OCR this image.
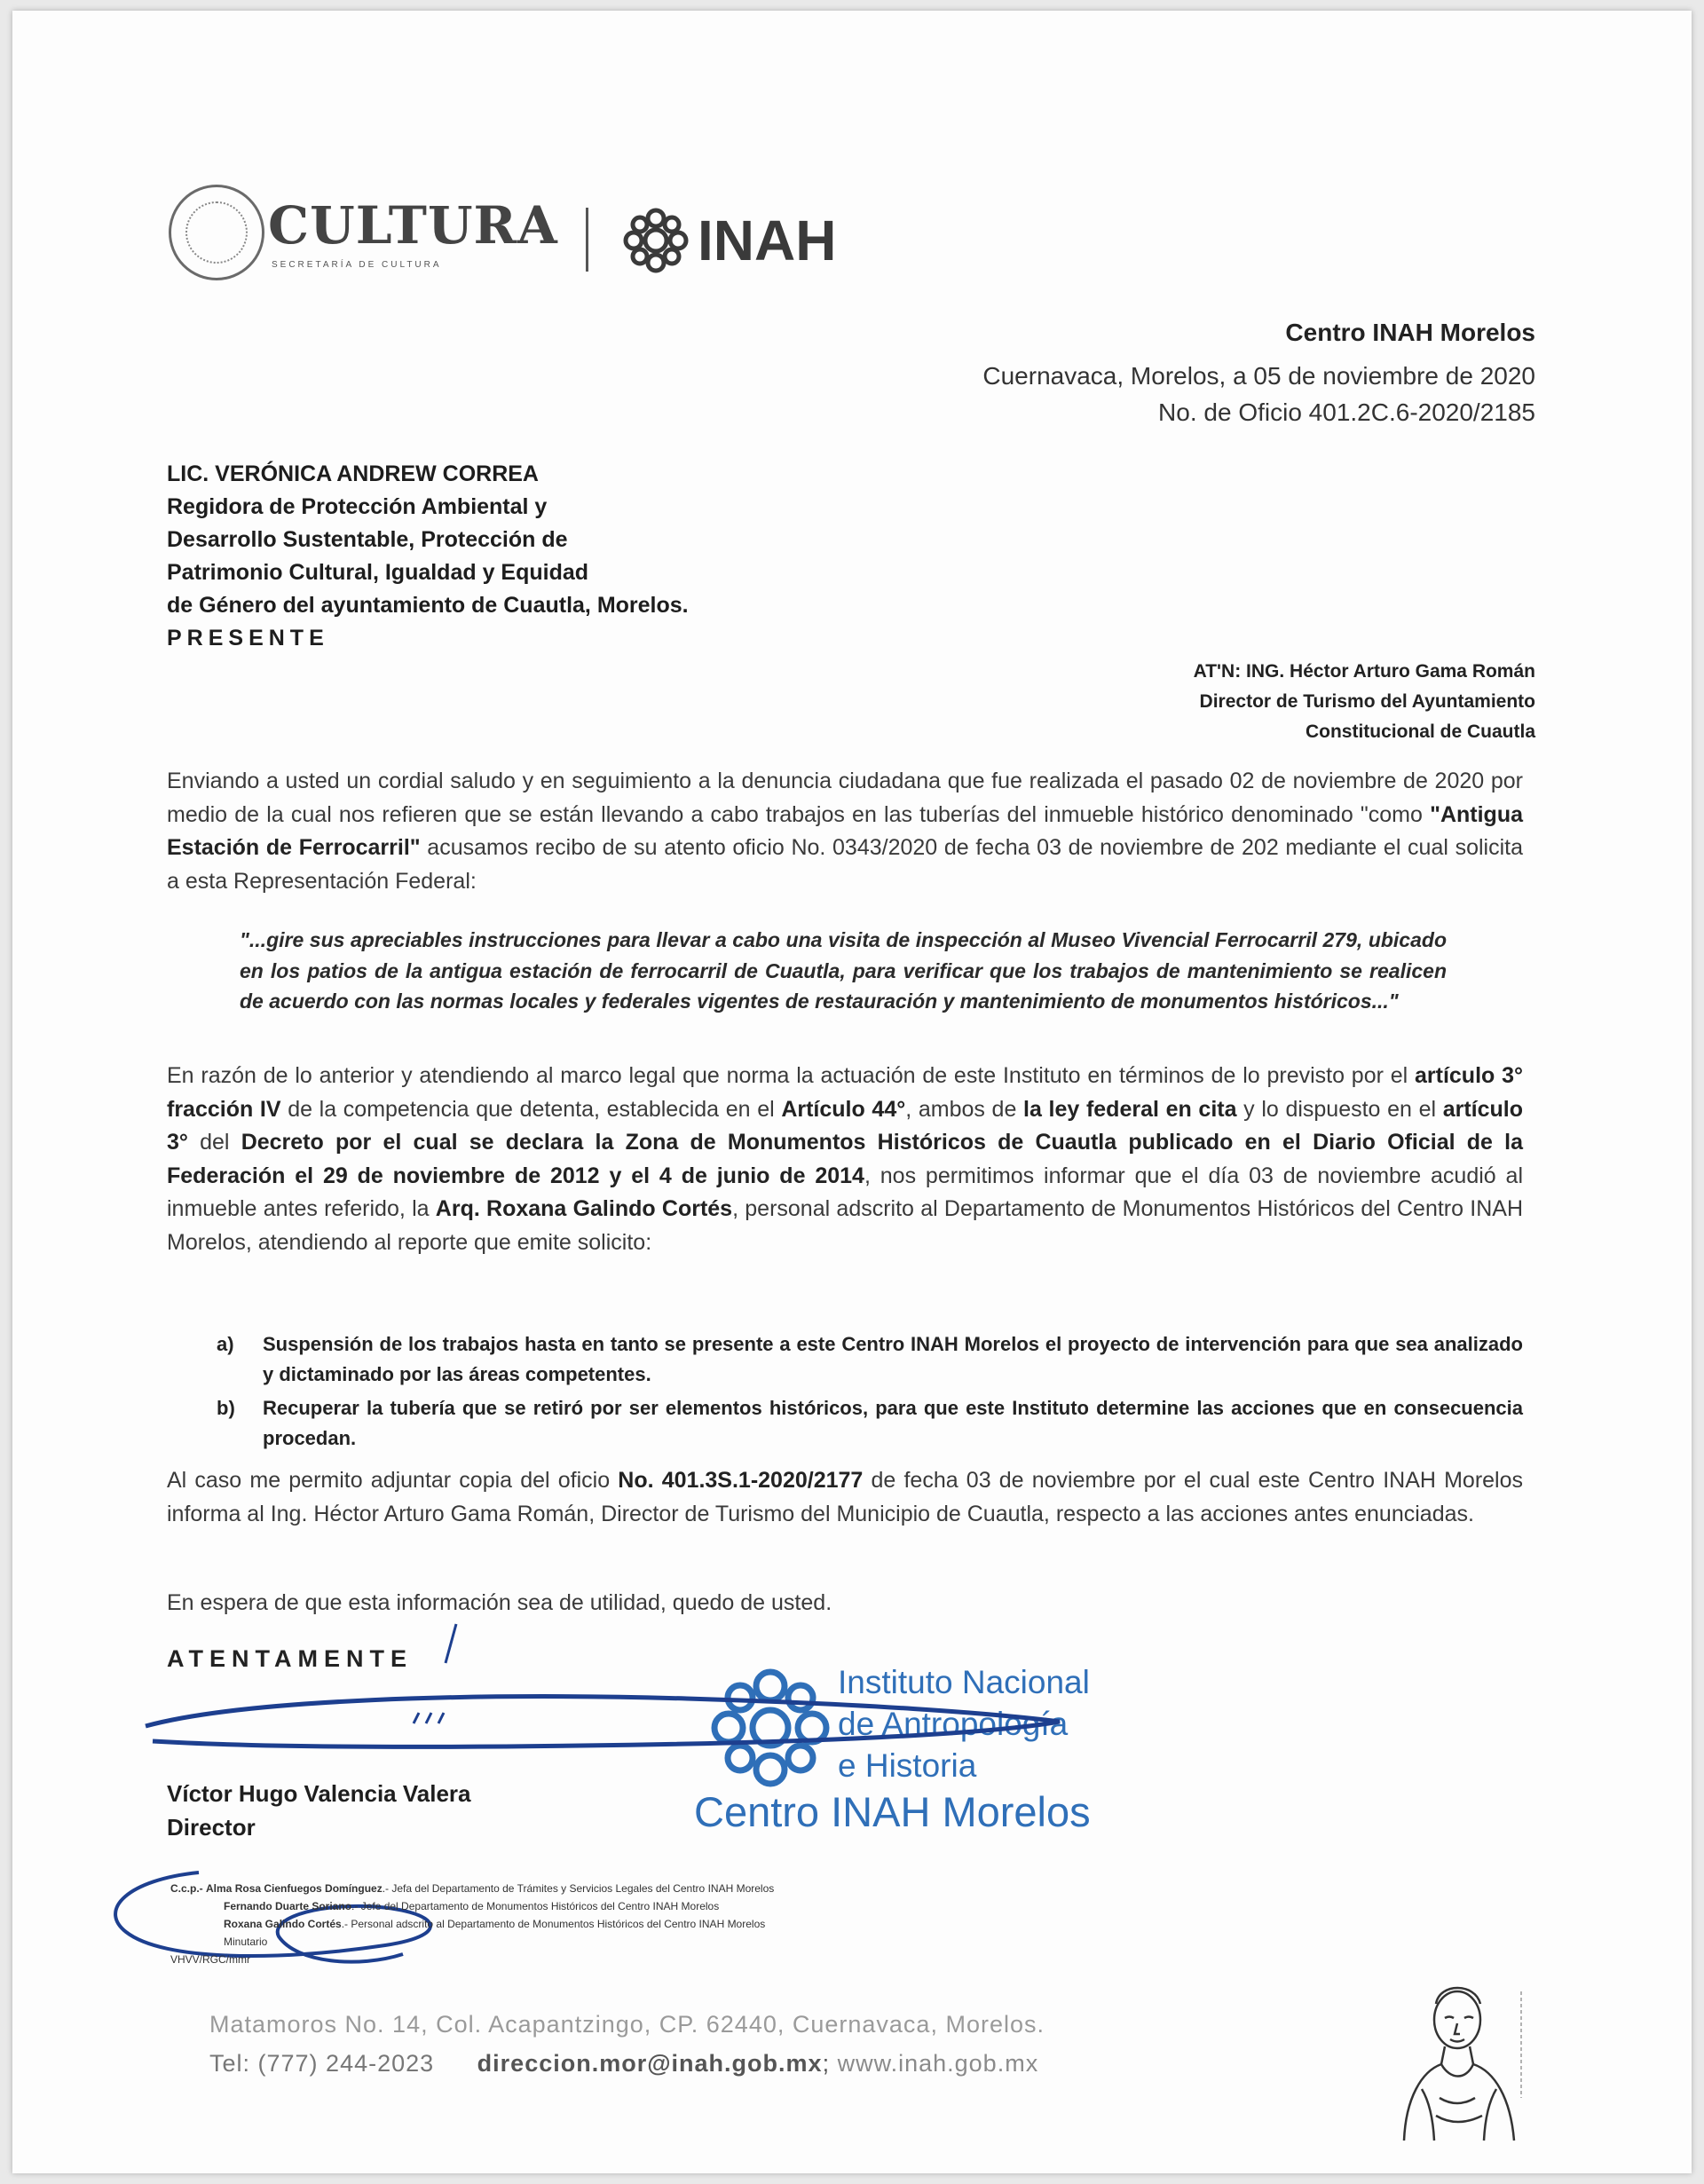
CULTURA
SECRETARÍA DE CULTURA	INAH
Centro INAH Morelos
Cuernavaca, Morelos, a 05 de noviembre de 2020
No. de Oficio 401.2C.6-2020/2185
LIC. VERÓNICA ANDREW CORREA
Regidora de Protección Ambiental y
Desarrollo Sustentable, Protección de
Patrimonio Cultural, Igualdad y Equidad
de Género del ayuntamiento de Cuautla, Morelos.
PRESENTE
AT'N: ING. Héctor Arturo Gama Román
Director de Turismo del Ayuntamiento
Constitucional de Cuautla
Enviando a usted un cordial saludo y en seguimiento a la denuncia ciudadana que fue realizada el pasado 02 de noviembre de 2020 por medio de la cual nos refieren que se están llevando a cabo trabajos en las tuberías del inmueble histórico denominado "como "Antigua Estación de Ferrocarril" acusamos recibo de su atento oficio No. 0343/2020 de fecha 03 de noviembre de 202 mediante el cual solicita a esta Representación Federal:
"...gire sus apreciables instrucciones para llevar a cabo una visita de inspección al Museo Vivencial Ferrocarril 279, ubicado en los patios de la antigua estación de ferrocarril de Cuautla, para verificar que los trabajos de mantenimiento se realicen de acuerdo con las normas locales y federales vigentes de restauración y mantenimiento de monumentos históricos..."
En razón de lo anterior y atendiendo al marco legal que norma la actuación de este Instituto en términos de lo previsto por el artículo 3° fracción IV de la competencia que detenta, establecida en el Artículo 44°, ambos de la ley federal en cita y lo dispuesto en el artículo 3° del Decreto por el cual se declara la Zona de Monumentos Históricos de Cuautla publicado en el Diario Oficial de la Federación el 29 de noviembre de 2012 y el 4 de junio de 2014, nos permitimos informar que el día 03 de noviembre acudió al inmueble antes referido, la Arq. Roxana Galindo Cortés, personal adscrito al Departamento de Monumentos Históricos del Centro INAH Morelos, atendiendo al reporte que emite solicito:
a)	Suspensión de los trabajos hasta en tanto se presente a este Centro INAH Morelos el proyecto de intervención para que sea analizado y dictaminado por las áreas competentes.
b)	Recuperar la tubería que se retiró por ser elementos históricos, para que este Instituto determine las acciones que en consecuencia procedan.
Al caso me permito adjuntar copia del oficio No. 401.3S.1-2020/2177 de fecha 03 de noviembre por el cual este Centro INAH Morelos informa al Ing. Héctor Arturo Gama Román, Director de Turismo del Municipio de Cuautla, respecto a las acciones antes enunciadas.
En espera de que esta información sea de utilidad, quedo de usted.
ATENTAMENTE
Instituto Nacional
de Antropología
e Historia
Centro INAH Morelos
Víctor Hugo Valencia Valera
Director
C.c.p.- Alma Rosa Cienfuegos Domínguez.- Jefa del Departamento de Trámites y Servicios Legales del Centro INAH Morelos
Fernando Duarte Soriano.- Jefe del Departamento de Monumentos Históricos del Centro INAH Morelos
Roxana Galindo Cortés.- Personal adscrito al Departamento de Monumentos Históricos del Centro INAH Morelos
Minutario
VHVV/RGC/mmr
Matamoros No. 14, Col. Acapantzingo, CP. 62440, Cuernavaca, Morelos.
Tel: (777) 244-2023 direccion.mor@inah.gob.mx; www.inah.gob.mx
